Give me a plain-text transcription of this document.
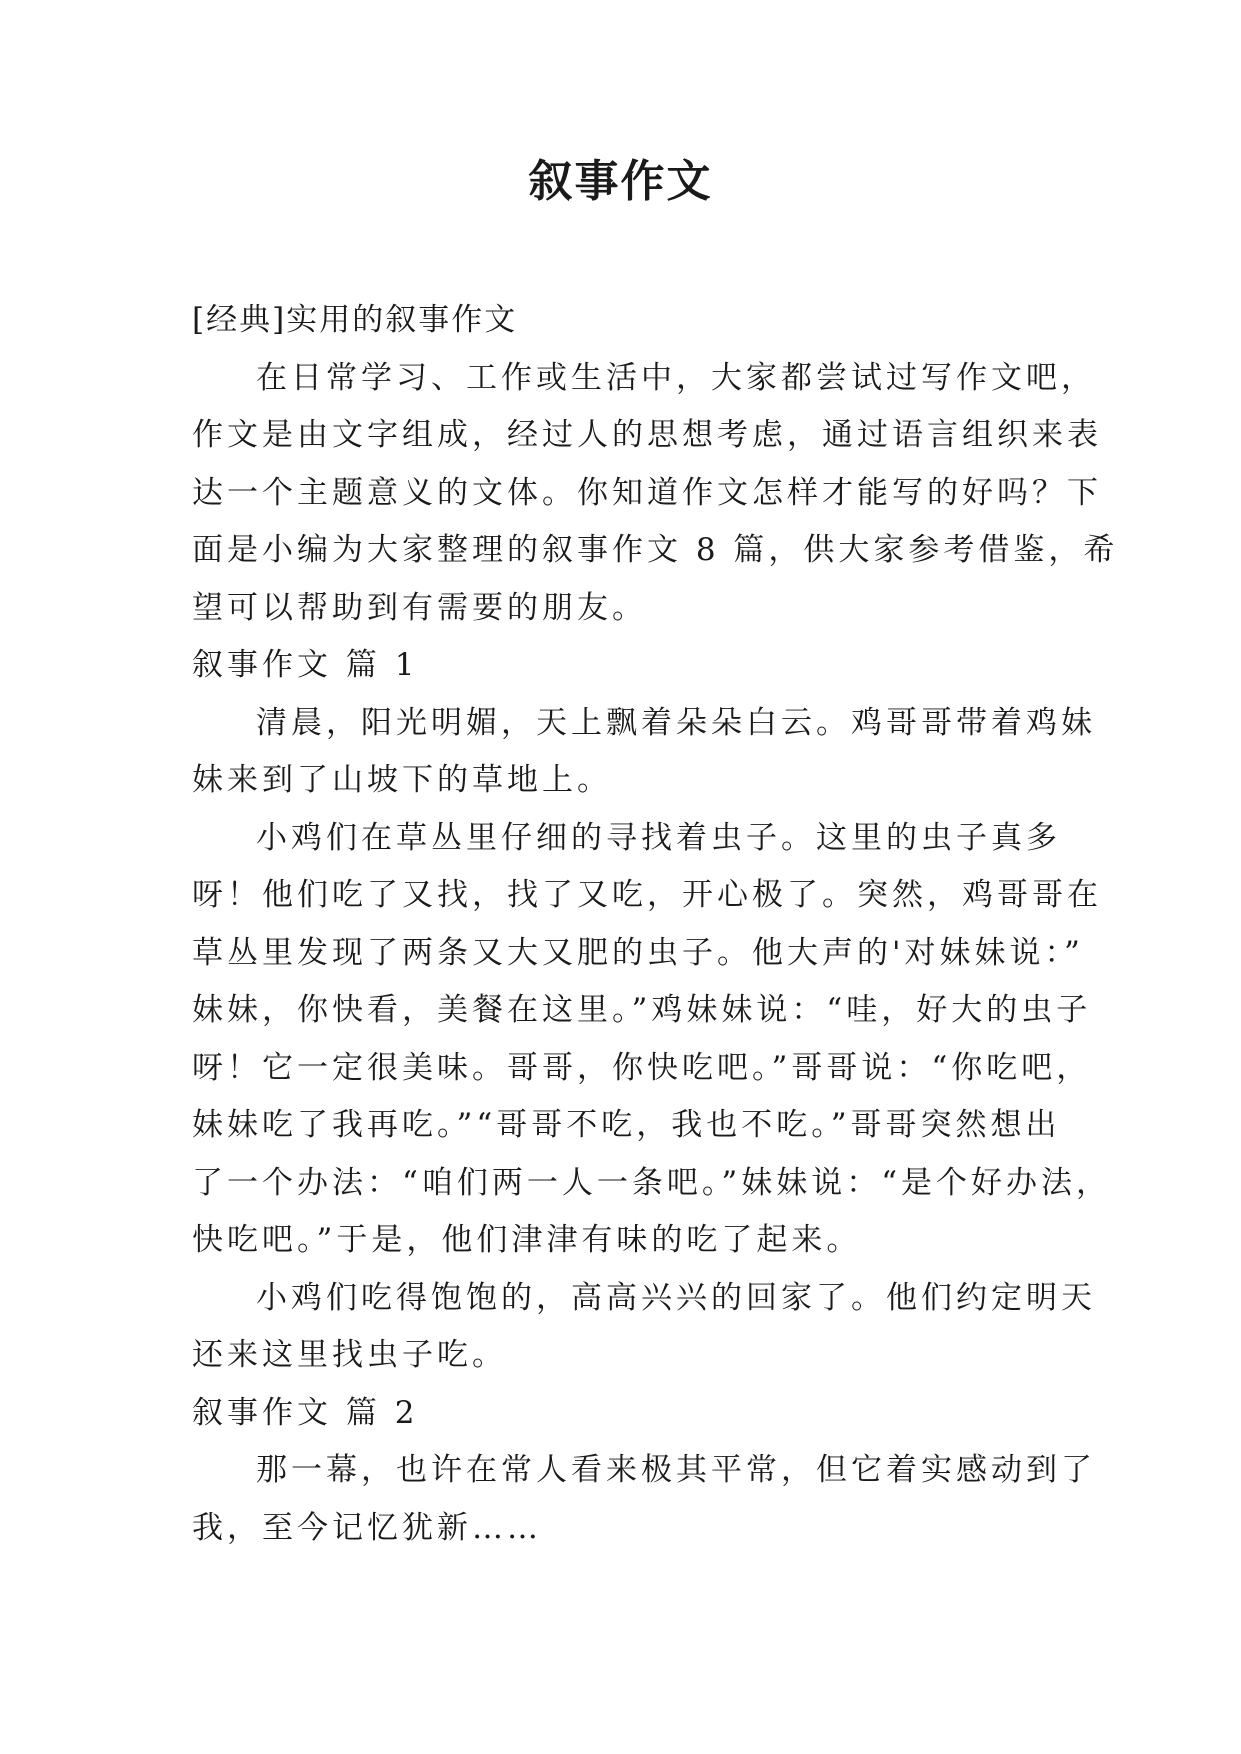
叙事作文

[经典]实用的叙事作文

在日常学习、工作或生活中，大家都尝试过写作文吧，
作文是由文字组成，经过人的思想考虑，通过语言组织来表
达一个主题意义的文体。你知道作文怎样才能写的好吗？下
面是小编为大家整理的叙事作文 8 篇，供大家参考借鉴，希
望可以帮助到有需要的朋友。

叙事作文 篇 1

清晨，阳光明媚，天上飘着朵朵白云。鸡哥哥带着鸡妹
妹来到了山坡下的草地上。
小鸡们在草丛里仔细的寻找着虫子。这里的虫子真多
呀！他们吃了又找，找了又吃，开心极了。突然，鸡哥哥在
草丛里发现了两条又大又肥的虫子。他大声的'对妹妹说：”
妹妹，你快看，美餐在这里。”鸡妹妹说：“哇，好大的虫子
呀！它一定很美味。哥哥，你快吃吧。”哥哥说：“你吃吧，
妹妹吃了我再吃。”“哥哥不吃，我也不吃。”哥哥突然想出
了一个办法：“咱们两一人一条吧。”妹妹说：“是个好办法，
快吃吧。”于是，他们津津有味的吃了起来。
小鸡们吃得饱饱的，高高兴兴的回家了。他们约定明天
还来这里找虫子吃。

叙事作文 篇 2

那一幕，也许在常人看来极其平常，但它着实感动到了
我，至今记忆犹新……
